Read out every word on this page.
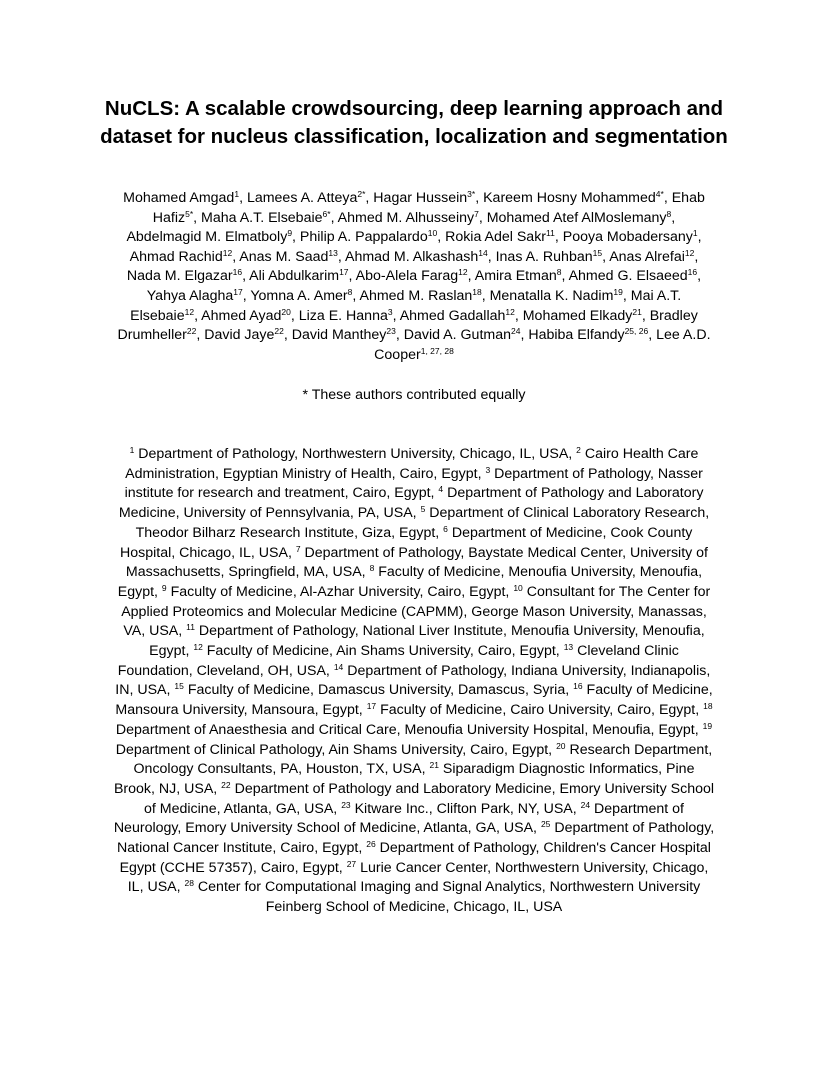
NuCLS: A scalable crowdsourcing, deep learning approach and
dataset for nucleus classification, localization and segmentation
Mohamed Amgad$^1$, Lamees A. Atteya$^{2*}$, Hagar Hussein$^{3*}$, Kareem Hosny Mohammed$^{4*}$, Ehab
Hafiz$^{5*}$, Maha A.T. Elsebaie$^{6*}$, Ahmed M. Alhusseiny$^7$, Mohamed Atef AlMoslemany$^8$,
Abdelmagid M. Elmatboly$^9$, Philip A. Pappalardo$^{10}$, Rokia Adel Sakr$^{11}$, Pooya Mobadersany$^1$,
Ahmad Rachid$^{12}$, Anas M. Saad$^{13}$, Ahmad M. Alkashash$^{14}$, Inas A. Ruhban$^{15}$, Anas Alrefai$^{12}$,
Nada M. Elgazar$^{16}$, Ali Abdulkarim$^{17}$, Abo-Alela Farag$^{12}$, Amira Etman$^8$, Ahmed G. Elsaeed$^{16}$,
Yahya Alagha$^{17}$, Yomna A. Amer$^8$, Ahmed M. Raslan$^{18}$, Menatalla K. Nadim$^{19}$, Mai A.T.
Elsebaie$^{12}$, Ahmed Ayad$^{20}$, Liza E. Hanna$^3$, Ahmed Gadallah$^{12}$, Mohamed Elkady$^{21}$, Bradley
Drumheller$^{22}$, David Jaye$^{22}$, David Manthey$^{23}$, David A. Gutman$^{24}$, Habiba Elfandy$^{25, 26}$, Lee A.D.
Cooper$^{1, 27, 28}$
* These authors contributed equally
$^1$ Department of Pathology, Northwestern University, Chicago, IL, USA, $^2$ Cairo Health Care
Administration, Egyptian Ministry of Health, Cairo, Egypt, $^3$ Department of Pathology, Nasser
institute for research and treatment, Cairo, Egypt, $^4$ Department of Pathology and Laboratory
Medicine, University of Pennsylvania, PA, USA, $^5$ Department of Clinical Laboratory Research,
Theodor Bilharz Research Institute, Giza, Egypt, $^6$ Department of Medicine, Cook County
Hospital, Chicago, IL, USA, $^7$ Department of Pathology, Baystate Medical Center, University of
Massachusetts, Springfield, MA, USA, $^8$ Faculty of Medicine, Menoufia University, Menoufia,
Egypt, $^9$ Faculty of Medicine, Al-Azhar University, Cairo, Egypt, $^{10}$ Consultant for The Center for
Applied Proteomics and Molecular Medicine (CAPMM), George Mason University, Manassas,
VA, USA, $^{11}$ Department of Pathology, National Liver Institute, Menoufia University, Menoufia,
Egypt, $^{12}$ Faculty of Medicine, Ain Shams University, Cairo, Egypt, $^{13}$ Cleveland Clinic
Foundation, Cleveland, OH, USA, $^{14}$ Department of Pathology, Indiana University, Indianapolis,
IN, USA, $^{15}$ Faculty of Medicine, Damascus University, Damascus, Syria, $^{16}$ Faculty of Medicine,
Mansoura University, Mansoura, Egypt, $^{17}$ Faculty of Medicine, Cairo University, Cairo, Egypt, $^{18}$
Department of Anaesthesia and Critical Care, Menoufia University Hospital, Menoufia, Egypt, $^{19}$
Department of Clinical Pathology, Ain Shams University, Cairo, Egypt, $^{20}$ Research Department,
Oncology Consultants, PA, Houston, TX, USA, $^{21}$ Siparadigm Diagnostic Informatics, Pine
Brook, NJ, USA, $^{22}$ Department of Pathology and Laboratory Medicine, Emory University School
of Medicine, Atlanta, GA, USA, $^{23}$ Kitware Inc., Clifton Park, NY, USA, $^{24}$ Department of
Neurology, Emory University School of Medicine, Atlanta, GA, USA, $^{25}$ Department of Pathology,
National Cancer Institute, Cairo, Egypt, $^{26}$ Department of Pathology, Children's Cancer Hospital
Egypt (CCHE 57357), Cairo, Egypt, $^{27}$ Lurie Cancer Center, Northwestern University, Chicago,
IL, USA, $^{28}$ Center for Computational Imaging and Signal Analytics, Northwestern University
Feinberg School of Medicine, Chicago, IL, USA
